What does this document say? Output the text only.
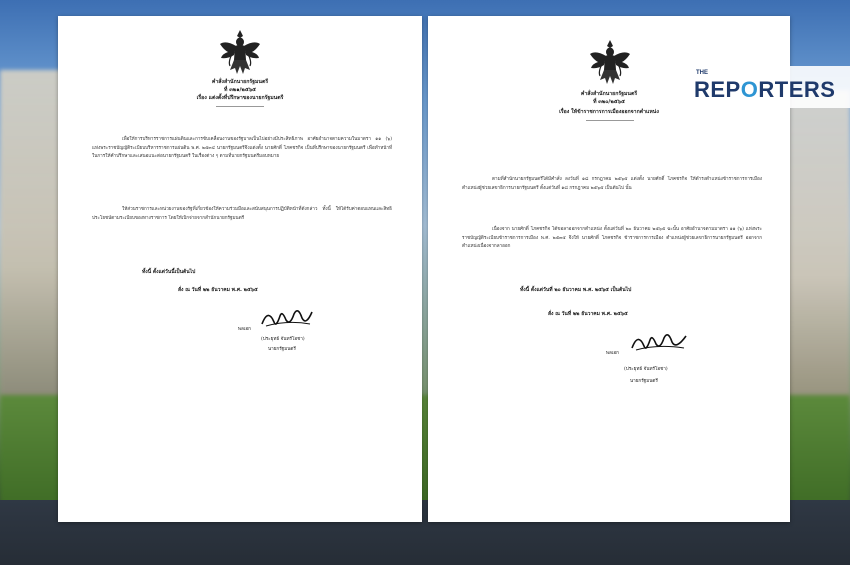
คำสั่งสำนักนายกรัฐมนตรี
ที่ ๓๒๑/๒๕๖๕
เรื่อง แต่งตั้งที่ปรึกษาของนายกรัฐมนตรี
เพื่อให้การบริหารราชการแผ่นดินและการขับเคลื่อนงานของรัฐบาลเป็นไปอย่างมีประสิทธิภาพ อาศัยอำนาจตามความในมาตรา ๑๑ (๖) แห่งพระราชบัญญัติระเบียบบริหารราชการแผ่นดิน พ.ศ. ๒๕๓๔ นายกรัฐมนตรีจึงแต่งตั้ง นายศักดิ์ โภคชรกิจ เป็นที่ปรึกษาของนายกรัฐมนตรี เพื่อทำหน้าที่ในการให้คำปรึกษาและเสนอแนะต่อนายกรัฐมนตรี ในเรื่องต่าง ๆ ตามที่นายกรัฐมนตรีมอบหมาย
ให้ส่วนราชการและหน่วยงานของรัฐที่เกี่ยวข้องให้ความร่วมมือและสนับสนุนการปฏิบัติหน้าที่ดังกล่าว ทั้งนี้ ให้ได้รับค่าตอบแทนและสิทธิประโยชน์ตามระเบียบของทางราชการ โดยให้เบิกจ่ายจากสำนักนายกรัฐมนตรี
ทั้งนี้ ตั้งแต่วันนี้เป็นต้นไป
สั่ง ณ วันที่ ๒๒ ธันวาคม พ.ศ. ๒๕๖๕
พลเอก
(ประยุทธ์ จันทร์โอชา)
นายกรัฐมนตรี
คำสั่งสำนักนายกรัฐมนตรี
ที่ ๓๒๐/๒๕๖๕
เรื่อง ให้ข้าราชการการเมืองออกจากตำแหน่ง
ตามที่สำนักนายกรัฐมนตรีได้มีคำสั่ง ลงวันที่ ๑๘ กรกฎาคม ๒๕๖๕ แต่งตั้ง นายศักดิ์ โภคชรกิจ ให้ดำรงตำแหน่งข้าราชการการเมือง ตำแหน่งผู้ช่วยเลขาธิการนายกรัฐมนตรี ตั้งแต่วันที่ ๑๘ กรกฎาคม ๒๕๖๕ เป็นต้นไป นั้น
เนื่องจาก นายศักดิ์ โภคชรกิจ ได้ขอลาออกจากตำแหน่ง ตั้งแต่วันที่ ๒๐ ธันวาคม ๒๕๖๕ ฉะนั้น อาศัยอำนาจตามมาตรา ๑๑ (๖) แห่งพระราชบัญญัติระเบียบข้าราชการการเมือง พ.ศ. ๒๕๓๕ จึงให้ นายศักดิ์ โภคชรกิจ ข้าราชการการเมือง ตำแหน่งผู้ช่วยเลขาธิการนายกรัฐมนตรี ออกจากตำแหน่งเนื่องจากลาออก
ทั้งนี้ ตั้งแต่วันที่ ๒๐ ธันวาคม พ.ศ. ๒๕๖๕ เป็นต้นไป
สั่ง ณ วันที่ ๒๒ ธันวาคม พ.ศ. ๒๕๖๕
พลเอก
(ประยุทธ์ จันทร์โอชา)
นายกรัฐมนตรี
THE
REPORTERS
